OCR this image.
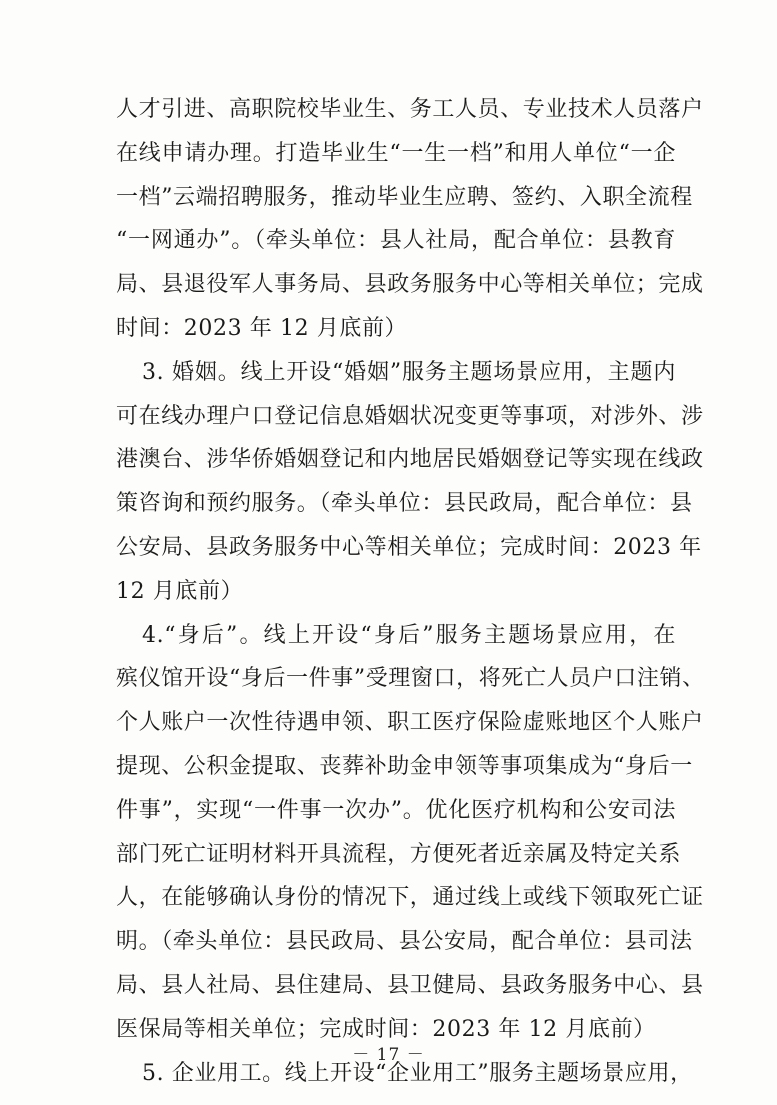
人才引进、高职院校毕业生、务工人员、专业技术人员落户
在线申请办理。打造毕业生“一生一档”和用人单位“一企
一档”云端招聘服务，推动毕业生应聘、签约、入职全流程
“一网通办”。（牵头单位：县人社局，配合单位：县教育
局、县退役军人事务局、县政务服务中心等相关单位；完成
时间：2023 年 12 月底前）
3. 婚姻。线上开设“婚姻”服务主题场景应用，主题内
可在线办理户口登记信息婚姻状况变更等事项，对涉外、涉
港澳台、涉华侨婚姻登记和内地居民婚姻登记等实现在线政
策咨询和预约服务。（牵头单位：县民政局，配合单位：县
公安局、县政务服务中心等相关单位；完成时间：2023 年
12 月底前）
4.“身后”。线上开设“身后”服务主题场景应用，在
殡仪馆开设“身后一件事”受理窗口，将死亡人员户口注销、
个人账户一次性待遇申领、职工医疗保险虚账地区个人账户
提现、公积金提取、丧葬补助金申领等事项集成为“身后一
件事”，实现“一件事一次办”。优化医疗机构和公安司法
部门死亡证明材料开具流程，方便死者近亲属及特定关系
人，在能够确认身份的情况下，通过线上或线下领取死亡证
明。（牵头单位：县民政局、县公安局，配合单位：县司法
局、县人社局、县住建局、县卫健局、县政务服务中心、县
医保局等相关单位；完成时间：2023 年 12 月底前）
5. 企业用工。线上开设“企业用工”服务主题场景应用，
－ 17 －
